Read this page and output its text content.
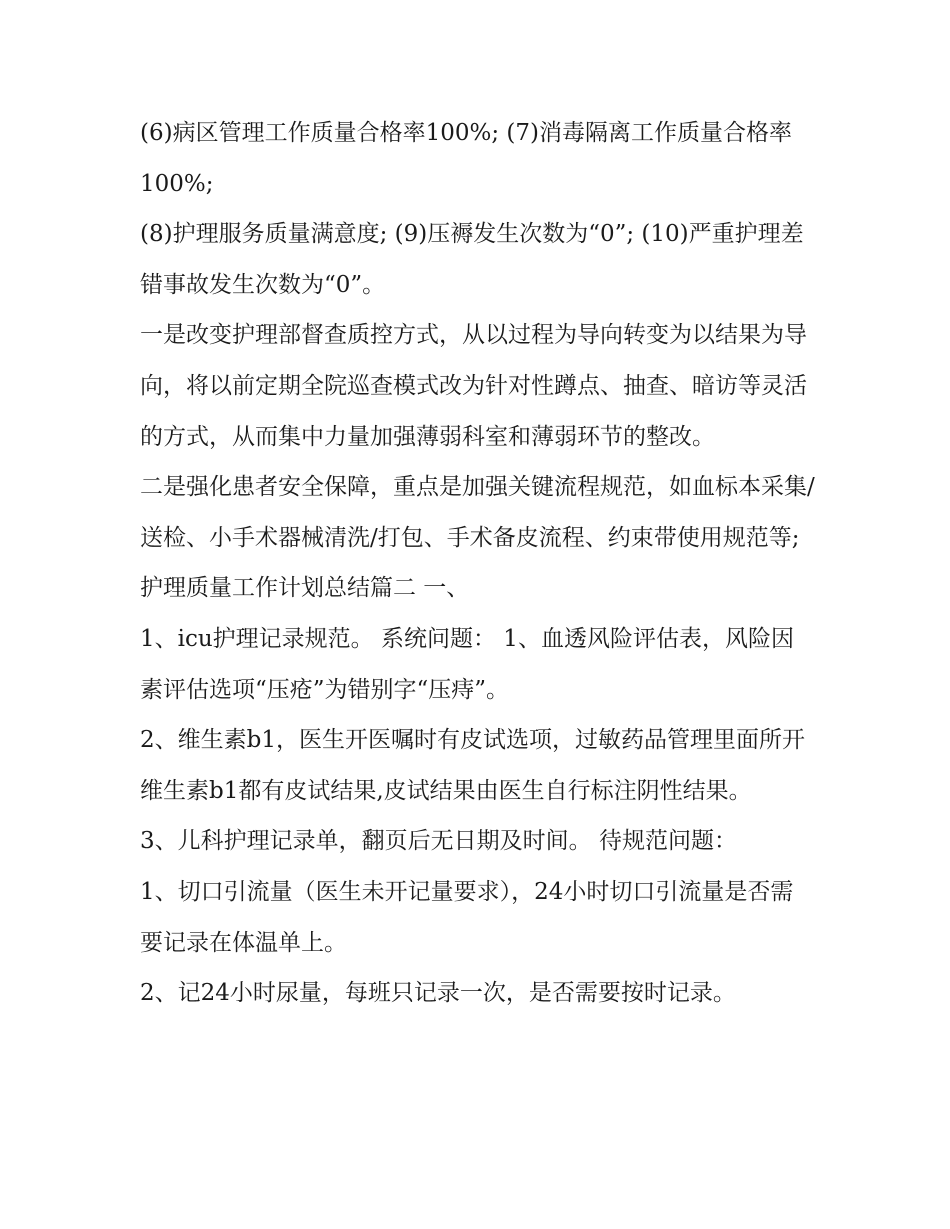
(6)病区管理工作质量合格率100%; (7)消毒隔离工作质量合格率100%;

(8)护理服务质量满意度; (9)压褥发生次数为“0”; (10)严重护理差错事故发生次数为“0”。

一是改变护理部督查质控方式，从以过程为导向转变为以结果为导向，将以前定期全院巡查模式改为针对性蹲点、抽查、暗访等灵活的方式，从而集中力量加强薄弱科室和薄弱环节的整改。

二是强化患者安全保障，重点是加强关键流程规范，如血标本采集/送检、小手术器械清洗/打包、手术备皮流程、约束带使用规范等; 护理质量工作计划总结篇二 一、

1、icu护理记录规范。 系统问题： 1、血透风险评估表，风险因素评估选项“压疮”为错别字“压痔”。

2、维生素b1，医生开医嘱时有皮试选项，过敏药品管理里面所开维生素b1都有皮试结果,皮试结果由医生自行标注阴性结果。

3、儿科护理记录单，翻页后无日期及时间。 待规范问题：

1、切口引流量（医生未开记量要求），24小时切口引流量是否需要记录在体温单上。

2、记24小时尿量，每班只记录一次，是否需要按时记录。
